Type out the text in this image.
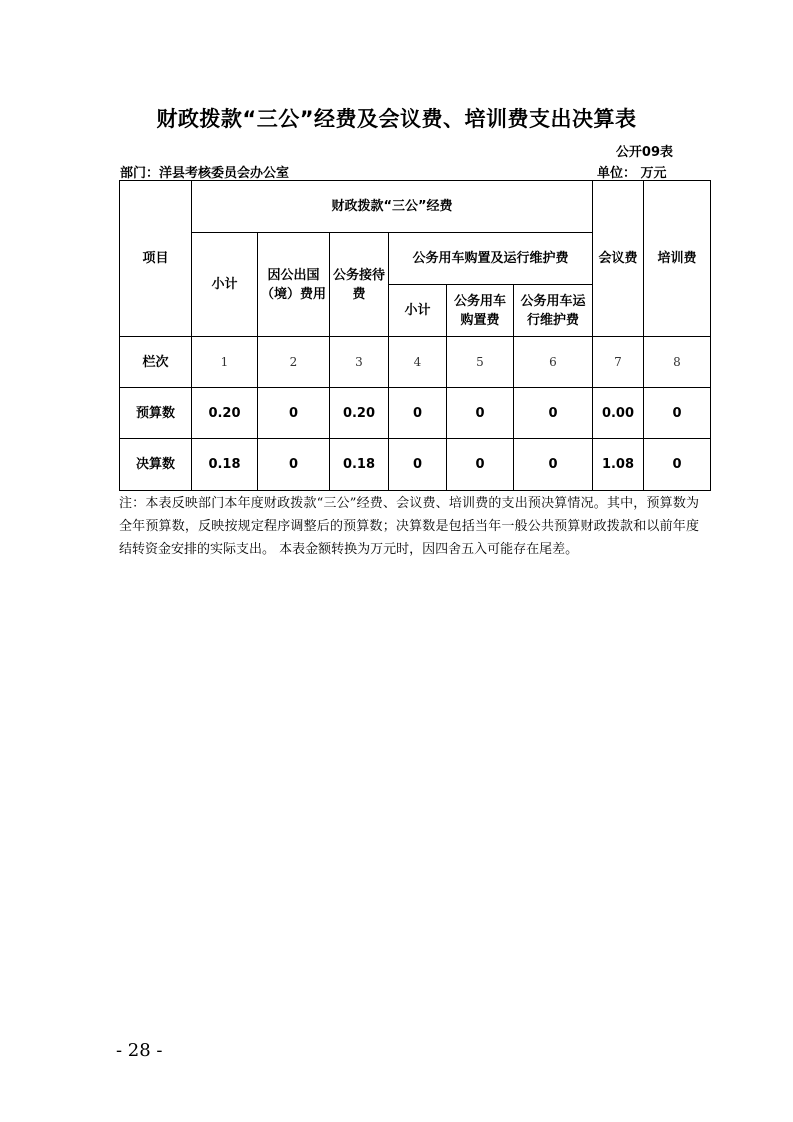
财政拨款“三公”经费及会议费、培训费支出决算表
公开09表
部门：洋县考核委员会办公室	单位： 万元
项目	财政拨款“三公”经费						会议费	培训费
	小计	因公出国（境）费用	公务接待费	公务用车购置及运行维护费				
				小计	公务用车购置费	公务用车运行维护费		
栏次	1	2	3	4	5	6	7	8
预算数	0.20	0	0.20	0	0	0	0.00	0
决算数	0.18	0	0.18	0	0	0	1.08	0
注：本表反映部门本年度财政拨款“三公”经费、会议费、培训费的支出预决算情况。其中，预算数为全年预算数，反映按规定程序调整后的预算数；决算数是包括当年一般公共预算财政拨款和以前年度结转资金安排的实际支出。 本表金额转换为万元时，因四舍五入可能存在尾差。
- 28 -
